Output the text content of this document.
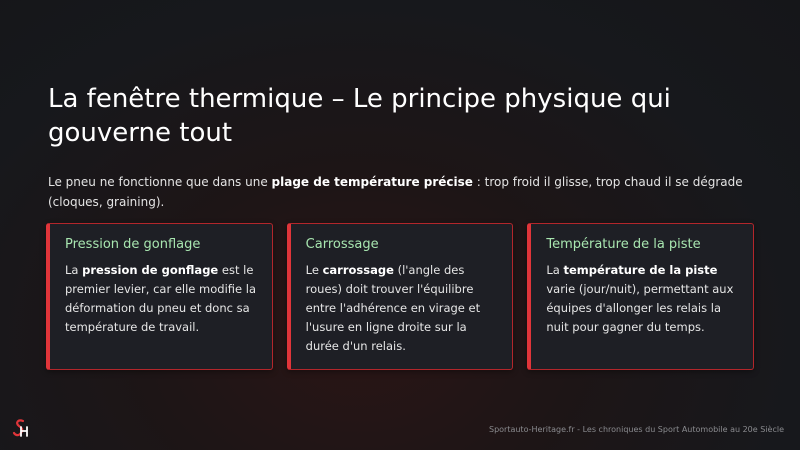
La fenêtre thermique – Le principe physique qui gouverne tout

Le pneu ne fonctionne que dans une plage de température précise : trop froid il glisse, trop chaud il se dégrade (cloques, graining).

Pression de gonflage

La pression de gonflage est le premier levier, car elle modifie la déformation du pneu et donc sa température de travail.

Carrossage

Le carrossage (l'angle des roues) doit trouver l'équilibre entre l'adhérence en virage et l'usure en ligne droite sur la durée d'un relais.

Température de la piste

La température de la piste varie (jour/nuit), permettant aux équipes d'allonger les relais la nuit pour gagner du temps.

Sportauto-Heritage.fr - Les chroniques du Sport Automobile au 20e Siècle
